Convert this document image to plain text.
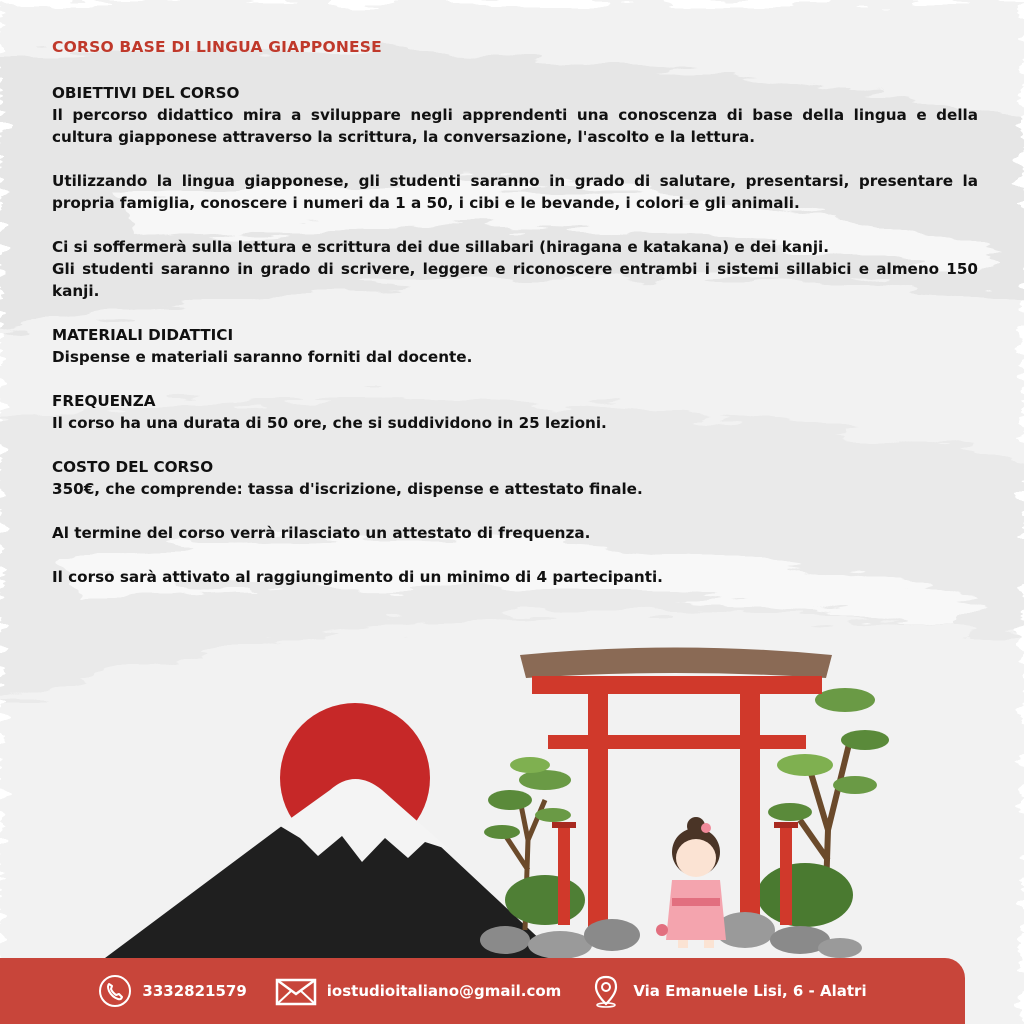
CORSO BASE DI LINGUA GIAPPONESE

OBIETTIVI DEL CORSO

Il percorso didattico mira a sviluppare negli apprendenti una conoscenza di base della lingua e della cultura giapponese attraverso la scrittura, la conversazione, l'ascolto e la lettura.

Utilizzando la lingua giapponese, gli studenti saranno in grado di salutare, presentarsi, presentare la propria famiglia, conoscere i numeri da 1 a 50, i cibi e le bevande, i colori e gli animali.

Ci si soffermerà sulla lettura e scrittura dei due sillabari (hiragana e katakana) e dei kanji.

Gli studenti saranno in grado di scrivere, leggere e riconoscere entrambi i sistemi sillabici e almeno 150 kanji.

MATERIALI DIDATTICI

Dispense e materiali saranno forniti dal docente.

FREQUENZA

Il corso ha una durata di 50 ore, che si suddividono in 25 lezioni.

COSTO DEL CORSO

350€, che comprende: tassa d'iscrizione, dispense e attestato finale.

Al termine del corso verrà rilasciato un attestato di frequenza.

Il corso sarà attivato al raggiungimento di un minimo di 4 partecipanti.

3332821579	iostudioitaliano@gmail.com	Via Emanuele Lisi, 6 - Alatri
